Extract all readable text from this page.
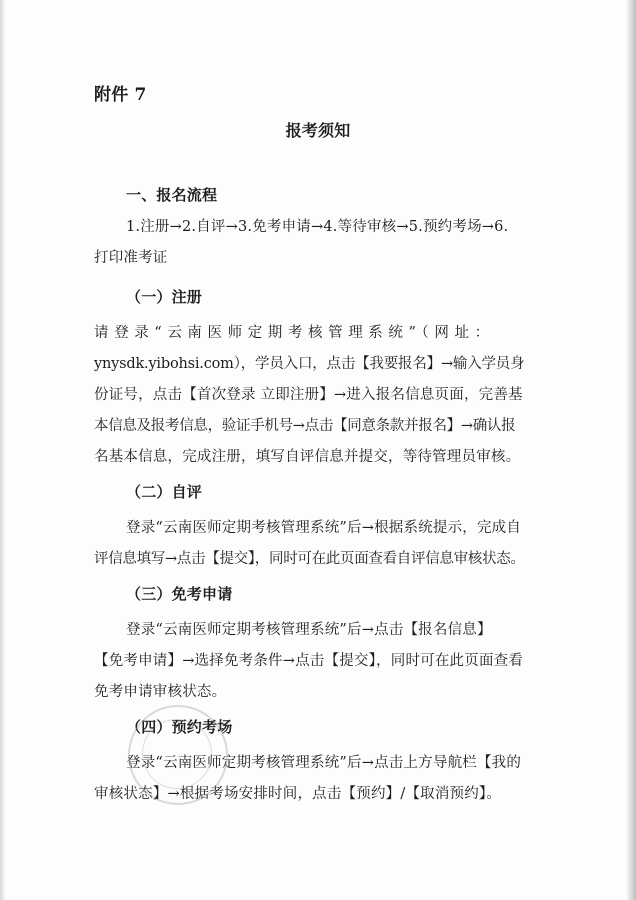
附件 7
报考须知
一、报名流程
1.注册→2.自评→3.免考申请→4.等待审核→5.预约考场→6.
打印准考证
（一）注册
请登录“云南医师定期考核管理系统”（网址：
ynysdk.yibohsi.com），学员入口，点击【我要报名】→输入学员身
份证号，点击【首次登录 立即注册】→进入报名信息页面，完善基
本信息及报考信息，验证手机号→点击【同意条款并报名】→确认报
名基本信息，完成注册，填写自评信息并提交，等待管理员审核。
（二）自评
登录“云南医师定期考核管理系统”后→根据系统提示，完成自
评信息填写→点击【提交】，同时可在此页面查看自评信息审核状态。
（三）免考申请
登录“云南医师定期考核管理系统”后→点击【报名信息】
【免考申请】→选择免考条件→点击【提交】，同时可在此页面查看
免考申请审核状态。
（四）预约考场
登录“云南医师定期考核管理系统”后→点击上方导航栏【我的
审核状态】→根据考场安排时间，点击【预约】/【取消预约】。
